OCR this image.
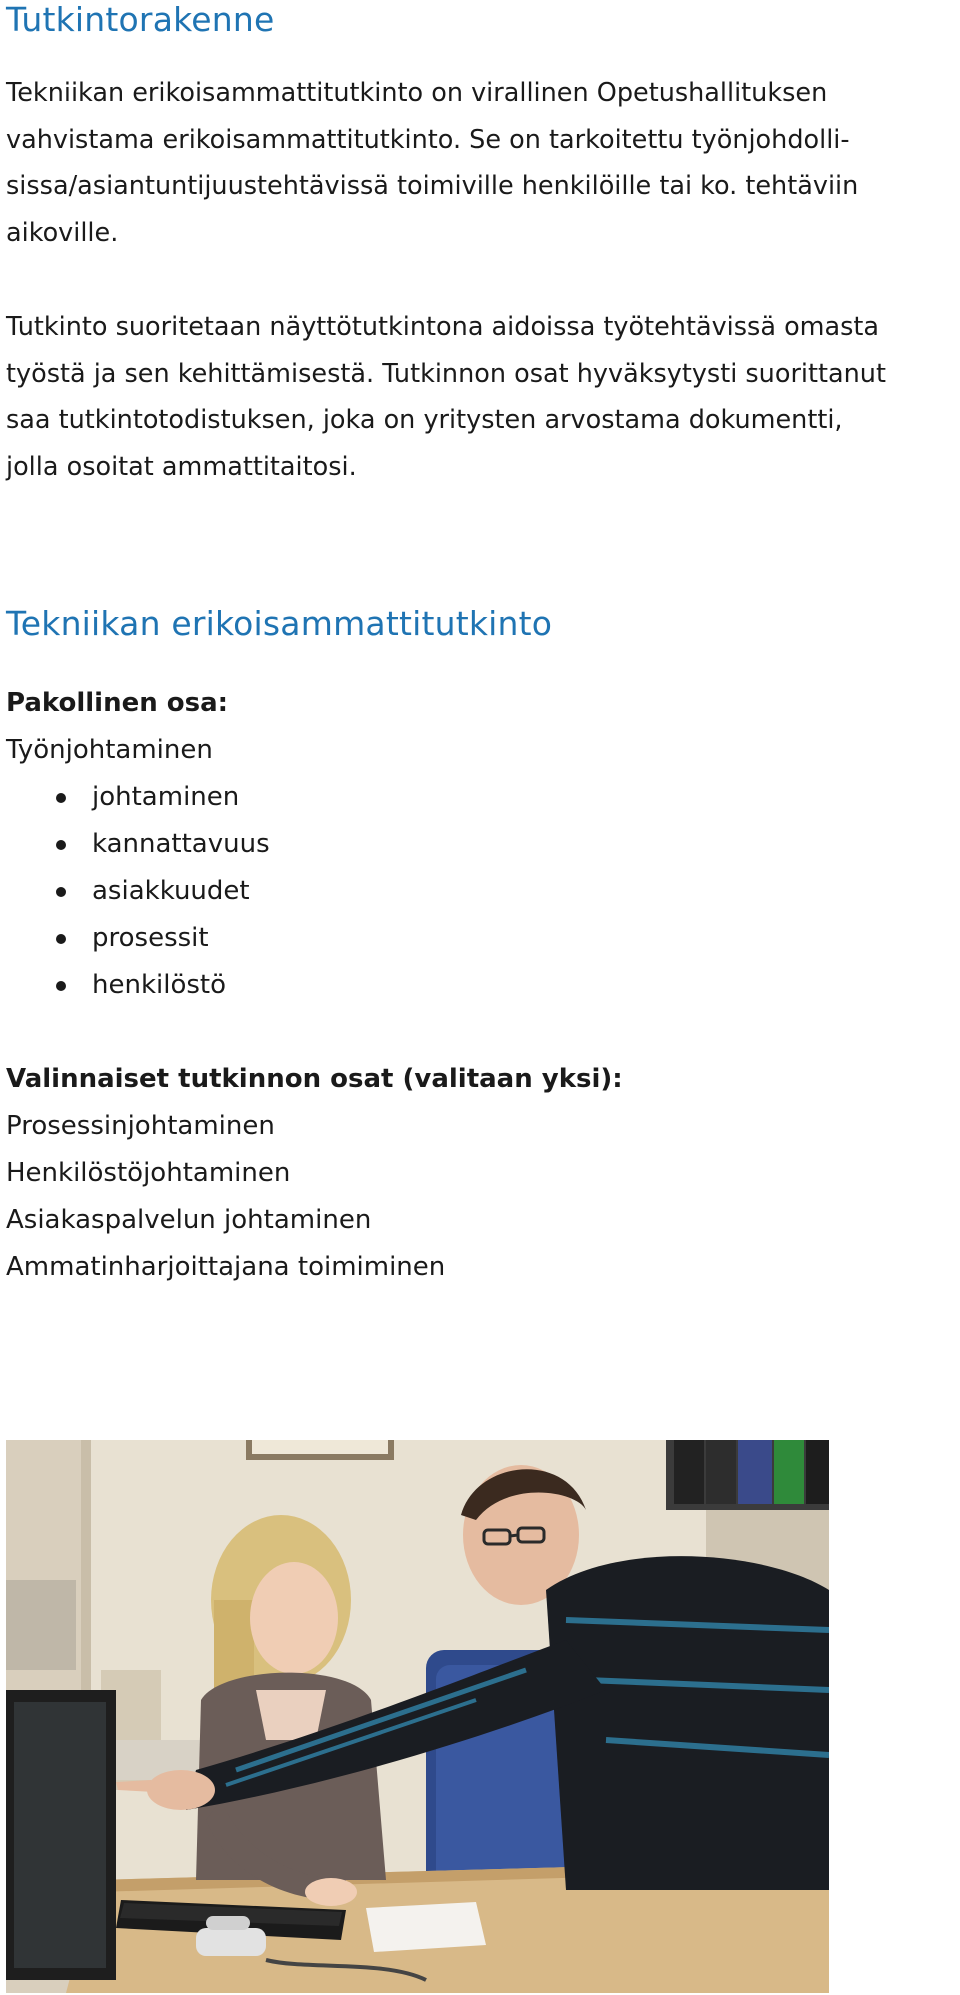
Tutkintorakenne

Tekniikan erikoisammattitutkinto on virallinen Opetushallituksen
vahvistama erikoisammattitutkinto. Se on tarkoitettu työnjohdolli-
sissa/asiantuntijuustehtävissä toimiville henkilöille tai ko. tehtäviin
aikoville.

Tutkinto suoritetaan näyttötutkintona aidoissa työtehtävissä omasta
työstä ja sen kehittämisestä. Tutkinnon osat hyväksytysti suorittanut
saa tutkintotodistuksen, joka on yritysten arvostama dokumentti,
jolla osoitat ammattitaitosi.

Tekniikan erikoisammattitutkinto
Pakollinen osa:
Työnjohtaminen
johtaminen
kannattavuus
asiakkuudet
prosessit
henkilöstö
Valinnaiset tutkinnon osat (valitaan yksi):
Prosessinjohtaminen
Henkilöstöjohtaminen
Asiakaspalvelun johtaminen
Ammatinharjoittajana toimiminen
